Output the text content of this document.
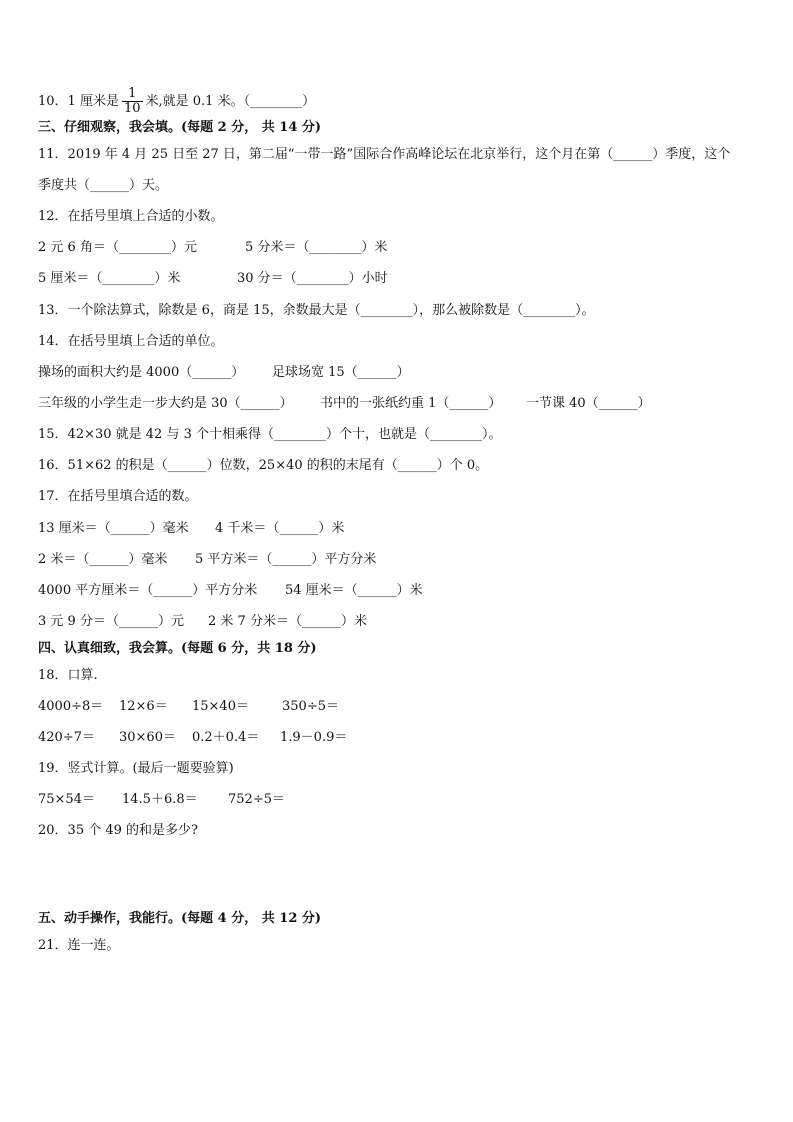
10．1 厘米是 $\frac{1}{10}$ 米,就是 0.1 米。（________）
三、仔细观察，我会填。(每题 2 分， 共 14 分)
11．2019 年 4 月 25 日至 27 日，第二届“一带一路”国际合作高峰论坛在北京举行，这个月在第（______）季度，这个
季度共（______）天。
12．在括号里填上合适的小数。
2 元 6 角＝（________）元	5 分米＝（________）米
5 厘米＝（________）米	30 分＝（________）小时
13．一个除法算式，除数是 6，商是 15，余数最大是（________），那么被除数是（________）。
14．在括号里填上合适的单位。
操场的面积大约是 4000（______） 足球场宽 15（______）
三年级的小学生走一步大约是 30（______） 书中的一张纸约重 1（______） 一节课 40（______）
15．42×30 就是 42 与 3 个十相乘得（________）个十，也就是（________）。
16．51×62 的积是（______）位数，25×40 的积的末尾有（______）个 0。
17．在括号里填合适的数。
13 厘米＝（______）毫米 4 千米＝（______）米
2 米＝（______）毫米 5 平方米＝（______）平方分米
4000 平方厘米＝（______）平方分米 54 厘米＝（______）米
3 元 9 分＝（______）元 2 米 7 分米＝（______）米
四、认真细致，我会算。(每题 6 分，共 18 分)
18．口算.
4000÷8＝ 12×6＝ 15×40＝	350÷5＝
420÷7＝ 30×60＝ 0.2＋0.4＝ 1.9－0.9＝
19．竖式计算。(最后一题要验算)
75×54＝ 14.5＋6.8＝ 752÷5＝
20．35 个 49 的和是多少?
五、动手操作，我能行。(每题 4 分， 共 12 分)
21．连一连。
